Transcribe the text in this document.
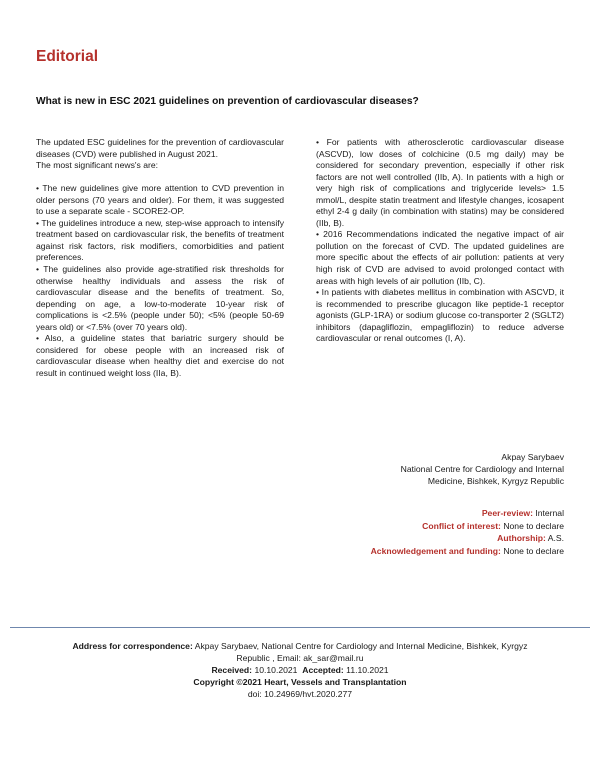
Editorial
What is new in ESC 2021 guidelines on prevention of cardiovascular diseases?

The updated ESC guidelines for the prevention of cardiovascular diseases (CVD) were published in August 2021.

The most significant news's are:

• The new guidelines give more attention to CVD prevention in older persons (70 years and older). For them, it was suggested to use a separate scale - SCORE2-OP.

• The guidelines introduce a new, step-wise approach to intensify treatment based on cardiovascular risk, the benefits of treatment against risk factors, risk modifiers, comorbidities and patient preferences.

• The guidelines also provide age-stratified risk thresholds for otherwise healthy individuals and assess the risk of cardiovascular disease and the benefits of treatment. So, depending on age, a low-to-moderate 10-year risk of complications is <2.5% (people under 50); <5% (people 50-69 years old) or <7.5% (over 70 years old).

• Also, a guideline states that bariatric surgery should be considered for obese people with an increased risk of cardiovascular disease when healthy diet and exercise do not result in continued weight loss (IIa, B).

• For patients with atherosclerotic cardiovascular disease (ASCVD), low doses of colchicine (0.5 mg daily) may be considered for secondary prevention, especially if other risk factors are not well controlled (IIb, A). In patients with a high or very high risk of complications and triglyceride levels> 1.5 mmol/L, despite statin treatment and lifestyle changes, icosapent ethyl 2-4 g daily (in combination with statins) may be considered (IIb, B).

• 2016 Recommendations indicated the negative impact of air pollution on the forecast of CVD. The updated guidelines are more specific about the effects of air pollution: patients at very high risk of CVD are advised to avoid prolonged contact with areas with high levels of air pollution (IIb, C).

• In patients with diabetes mellitus in combination with ASCVD, it is recommended to prescribe glucagon like peptide-1 receptor agonists (GLP-1RA) or sodium glucose co-transporter 2 (SGLT2) inhibitors (dapagliflozin, empagliflozin) to reduce adverse cardiovascular or renal outcomes (I, A).

Akpay Sarybaev
National Centre for Cardiology and Internal
Medicine, Bishkek, Kyrgyz Republic
Peer-review: Internal
Conflict of interest: None to declare
Authorship: A.S.
Acknowledgement and funding: None to declare
Address for correspondence: Akpay Sarybaev, National Centre for Cardiology and Internal Medicine, Bishkek, Kyrgyz
Republic , Email: ak_sar@mail.ru
Received: 10.10.2021 Accepted: 11.10.2021
Copyright ©2021 Heart, Vessels and Transplantation
doi: 10.24969/hvt.2020.277
